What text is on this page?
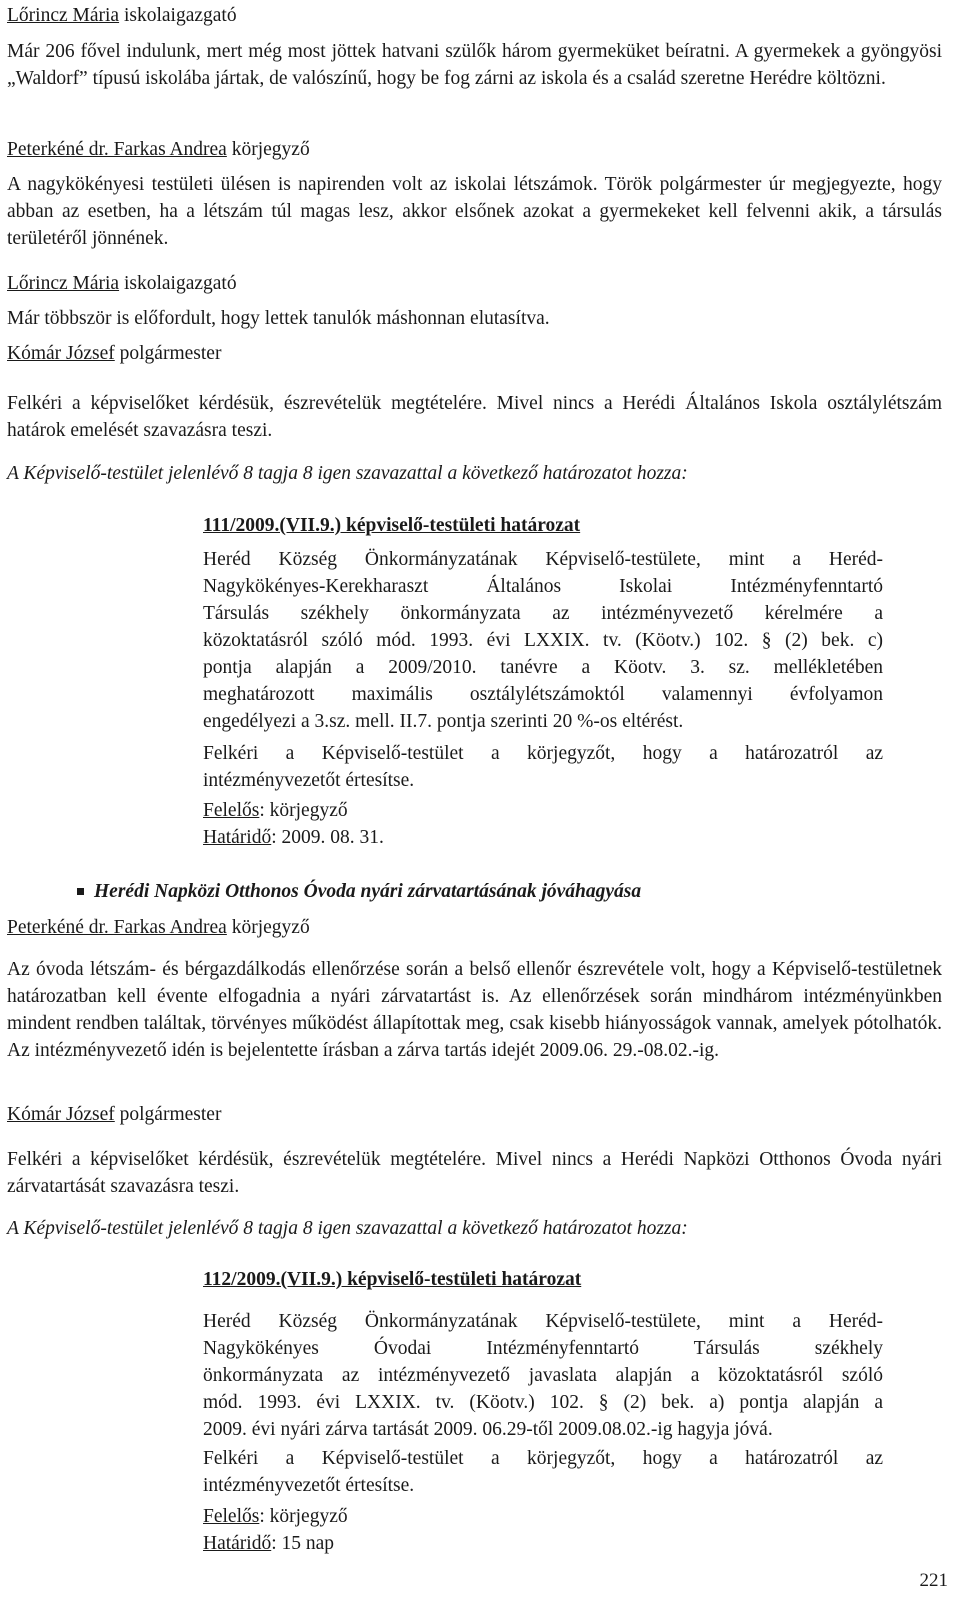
Lőrincz Mária iskolaigazgató
Már 206 fővel indulunk, mert még most jöttek hatvani szülők három gyermeküket beíratni. A gyermekek a gyöngyösi „Waldorf” típusú iskolába jártak, de valószínű, hogy be fog zárni az iskola és a család szeretne Herédre költözni.
Peterkéné dr. Farkas Andrea körjegyző
A nagykökényesi testületi ülésen is napirenden volt az iskolai létszámok. Török polgármester úr megjegyezte, hogy abban az esetben, ha a létszám túl magas lesz, akkor elsőnek azokat a gyermekeket kell felvenni akik, a társulás területéről jönnének.
Lőrincz Mária iskolaigazgató
Már többször is előfordult, hogy lettek tanulók máshonnan elutasítva.
Kómár József polgármester
Felkéri a képviselőket kérdésük, észrevételük megtételére. Mivel nincs a Herédi Általános Iskola osztálylétszám határok emelését szavazásra teszi.
A Képviselő-testület jelenlévő 8 tagja 8 igen szavazattal a következő határozatot hozza:
111/2009.(VII.9.) képviselő-testületi határozat
Heréd Község Önkormányzatának Képviselő-testülete, mint a Heréd-
Nagykökényes-Kerekharaszt Általános Iskolai Intézményfenntartó
Társulás székhely önkormányzata az intézményvezető kérelmére a
közoktatásról szóló mód. 1993. évi LXXIX. tv. (Köotv.) 102. § (2) bek. c)
pontja alapján a 2009/2010. tanévre a Köotv. 3. sz. mellékletében
meghatározott maximális osztálylétszámoktól valamennyi évfolyamon
engedélyezi a 3.sz. mell. II.7. pontja szerinti 20 %-os eltérést.
Felkéri a Képviselő-testület a körjegyzőt, hogy a határozatról az
intézményvezetőt értesítse.
Felelős: körjegyző
Határidő: 2009. 08. 31.
Herédi Napközi Otthonos Óvoda nyári zárvatartásának jóváhagyása
Peterkéné dr. Farkas Andrea körjegyző
Az óvoda létszám- és bérgazdálkodás ellenőrzése során a belső ellenőr észrevétele volt, hogy a Képviselő-testületnek határozatban kell évente elfogadnia a nyári zárvatartást is. Az ellenőrzések során mindhárom intézményünkben mindent rendben találtak, törvényes működést állapítottak meg, csak kisebb hiányosságok vannak, amelyek pótolhatók. Az intézményvezető idén is bejelentette írásban a zárva tartás idejét 2009.06. 29.-08.02.-ig.
Kómár József polgármester
Felkéri a képviselőket kérdésük, észrevételük megtételére. Mivel nincs a Herédi Napközi Otthonos Óvoda nyári zárvatartását szavazásra teszi.
A Képviselő-testület jelenlévő 8 tagja 8 igen szavazattal a következő határozatot hozza:
112/2009.(VII.9.) képviselő-testületi határozat
Heréd Község Önkormányzatának Képviselő-testülete, mint a Heréd-
Nagykökényes Óvodai Intézményfenntartó Társulás székhely
önkormányzata az intézményvezető javaslata alapján a közoktatásról szóló
mód. 1993. évi LXXIX. tv. (Köotv.) 102. § (2) bek. a) pontja alapján a
2009. évi nyári zárva tartását 2009. 06.29-től 2009.08.02.-ig hagyja jóvá.
Felkéri a Képviselő-testület a körjegyzőt, hogy a határozatról az
intézményvezetőt értesítse.
Felelős: körjegyző
Határidő: 15 nap
221
